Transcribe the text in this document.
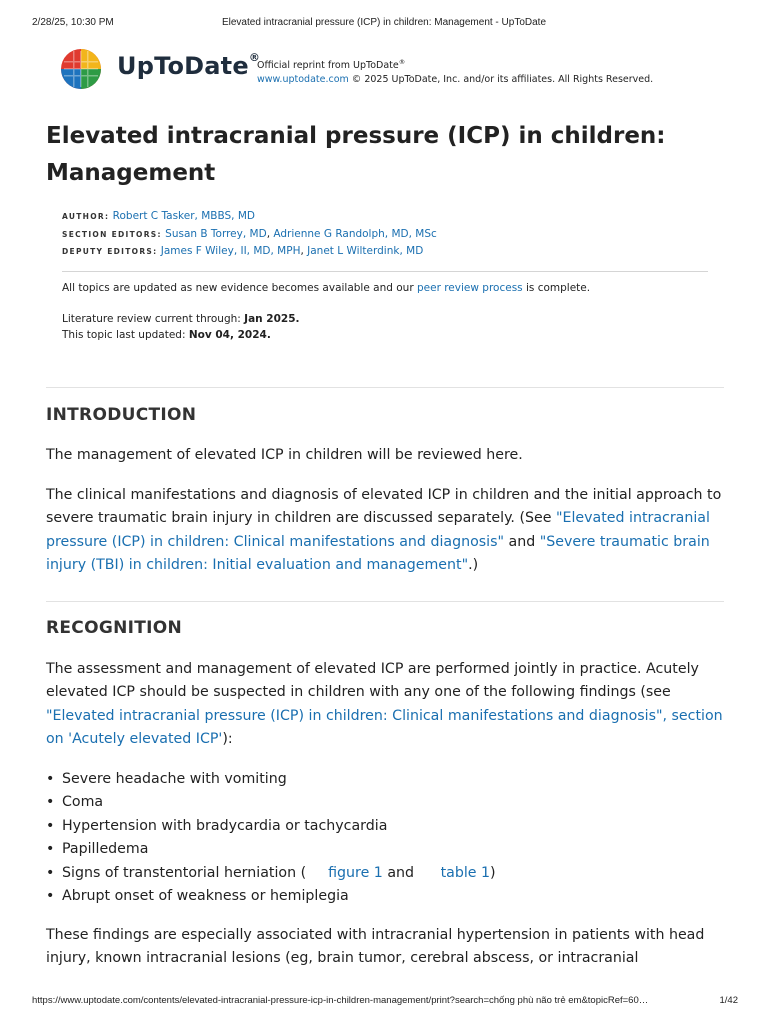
2/28/25, 10:30 PM	Elevated intracranial pressure (ICP) in children: Management - UpToDate
UpToDate®
Official reprint from UpToDate®
www.uptodate.com © 2025 UpToDate, Inc. and/or its affiliates. All Rights Reserved.
Elevated intracranial pressure (ICP) in children: Management
AUTHOR: Robert C Tasker, MBBS, MD
SECTION EDITORS: Susan B Torrey, MD, Adrienne G Randolph, MD, MSc
DEPUTY EDITORS: James F Wiley, II, MD, MPH, Janet L Wilterdink, MD
All topics are updated as new evidence becomes available and our peer review process is complete.
Literature review current through: Jan 2025.
This topic last updated: Nov 04, 2024.
INTRODUCTION

The management of elevated ICP in children will be reviewed here.

The clinical manifestations and diagnosis of elevated ICP in children and the initial approach to severe traumatic brain injury in children are discussed separately. (See "Elevated intracranial pressure (ICP) in children: Clinical manifestations and diagnosis" and "Severe traumatic brain injury (TBI) in children: Initial evaluation and management".)

RECOGNITION

The assessment and management of elevated ICP are performed jointly in practice. Acutely elevated ICP should be suspected in children with any one of the following findings (see "Elevated intracranial pressure (ICP) in children: Clinical manifestations and diagnosis", section on 'Acutely elevated ICP'):

• Severe headache with vomiting
• Coma
• Hypertension with bradycardia or tachycardia
• Papilledema
• Signs of transtentorial herniation ( figure 1 and table 1)
• Abrupt onset of weakness or hemiplegia

These findings are especially associated with intracranial hypertension in patients with head injury, known intracranial lesions (eg, brain tumor, cerebral abscess, or intracranial

https://www.uptodate.com/contents/elevated-intracranial-pressure-icp-in-children-management/print?search=chống phù não trẻ em&topicRef=60…	1/42
